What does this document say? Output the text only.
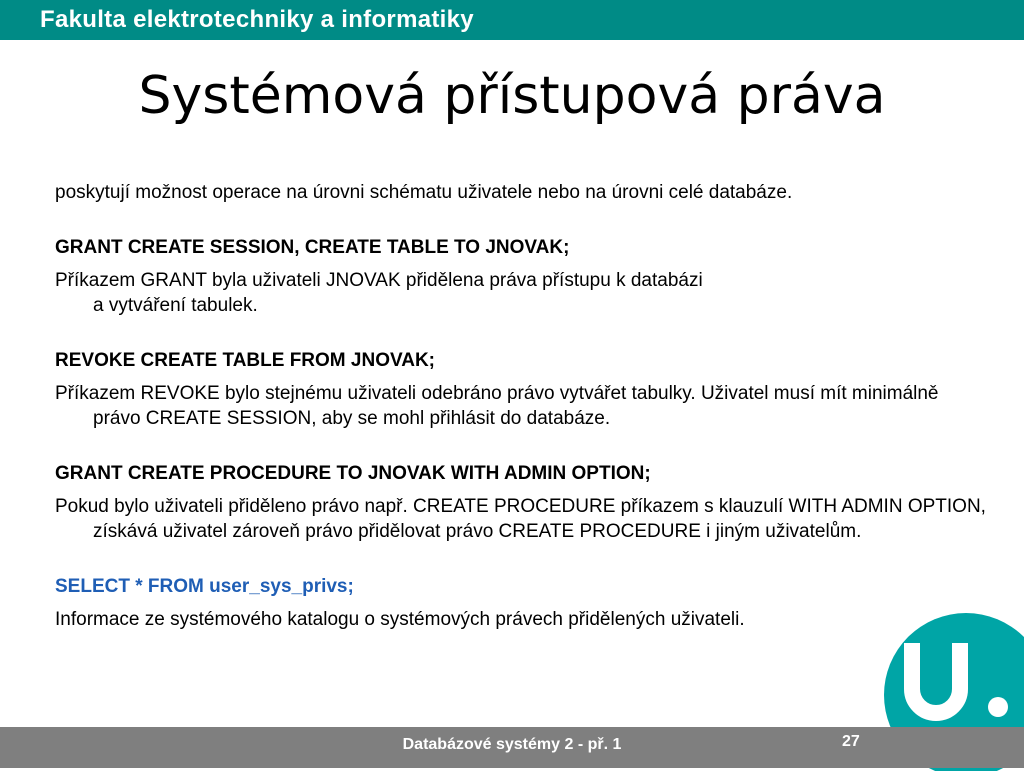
Fakulta elektrotechniky a informatiky
Systémová přístupová práva

poskytují možnost operace na úrovni schématu uživatele nebo na úrovni celé databáze.

GRANT CREATE SESSION, CREATE TABLE TO JNOVAK;

Příkazem GRANT byla uživateli JNOVAK přidělena práva přístupu k databázi
a vytváření tabulek.

REVOKE CREATE TABLE FROM JNOVAK;

Příkazem REVOKE bylo stejnému uživateli odebráno právo vytvářet tabulky. Uživatel musí mít minimálně právo CREATE SESSION, aby se mohl přihlásit do databáze.

GRANT CREATE PROCEDURE TO JNOVAK WITH ADMIN OPTION;

Pokud bylo uživateli přiděleno právo např. CREATE PROCEDURE příkazem s klauzulí WITH ADMIN OPTION, získává uživatel zároveň právo přidělovat právo CREATE PROCEDURE i jiným uživatelům.

SELECT * FROM user_sys_privs;

Informace ze systémového katalogu o systémových právech přidělených uživateli.

Databázové systémy 2 - př. 1	27
